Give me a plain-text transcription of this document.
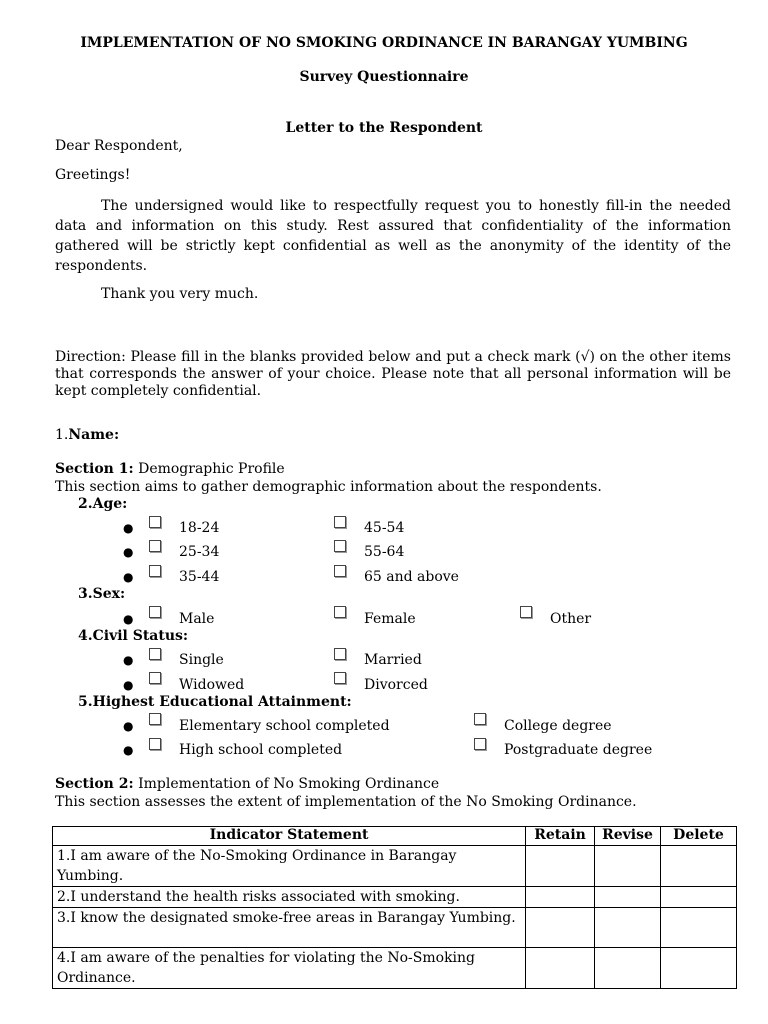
IMPLEMENTATION OF NO SMOKING ORDINANCE IN BARANGAY YUMBING
Survey Questionnaire
Letter to the Respondent
Dear Respondent,
Greetings!
The undersigned would like to respectfully request you to honestly fill-in the needed data and information on this study. Rest assured that confidentiality of the information gathered will be strictly kept confidential as well as the anonymity of the identity of the respondents.
Thank you very much.
Direction: Please fill in the blanks provided below and put a check mark (√) on the other items that corresponds the answer of your choice. Please note that all personal information will be kept completely confidential.
1.Name:
Section 1: Demographic Profile
This section aims to gather demographic information about the respondents.
2.Age:
●	18-24	45-54
●	25-34	55-64
●	35-44	65 and above
3.Sex:
●	Male	Female	Other
4.Civil Status:
●	Single	Married
●	Widowed	Divorced
5.Highest Educational Attainment:
●	Elementary school completed	College degree
●	High school completed	Postgraduate degree
Section 2: Implementation of No Smoking Ordinance
This section assesses the extent of implementation of the No Smoking Ordinance.
Indicator Statement	Retain	Revise	Delete
1.I am aware of the No-Smoking Ordinance in Barangay Yumbing.			
2.I understand the health risks associated with smoking.			
3.I know the designated smoke-free areas in Barangay Yumbing.			
4.I am aware of the penalties for violating the No-Smoking Ordinance.			
